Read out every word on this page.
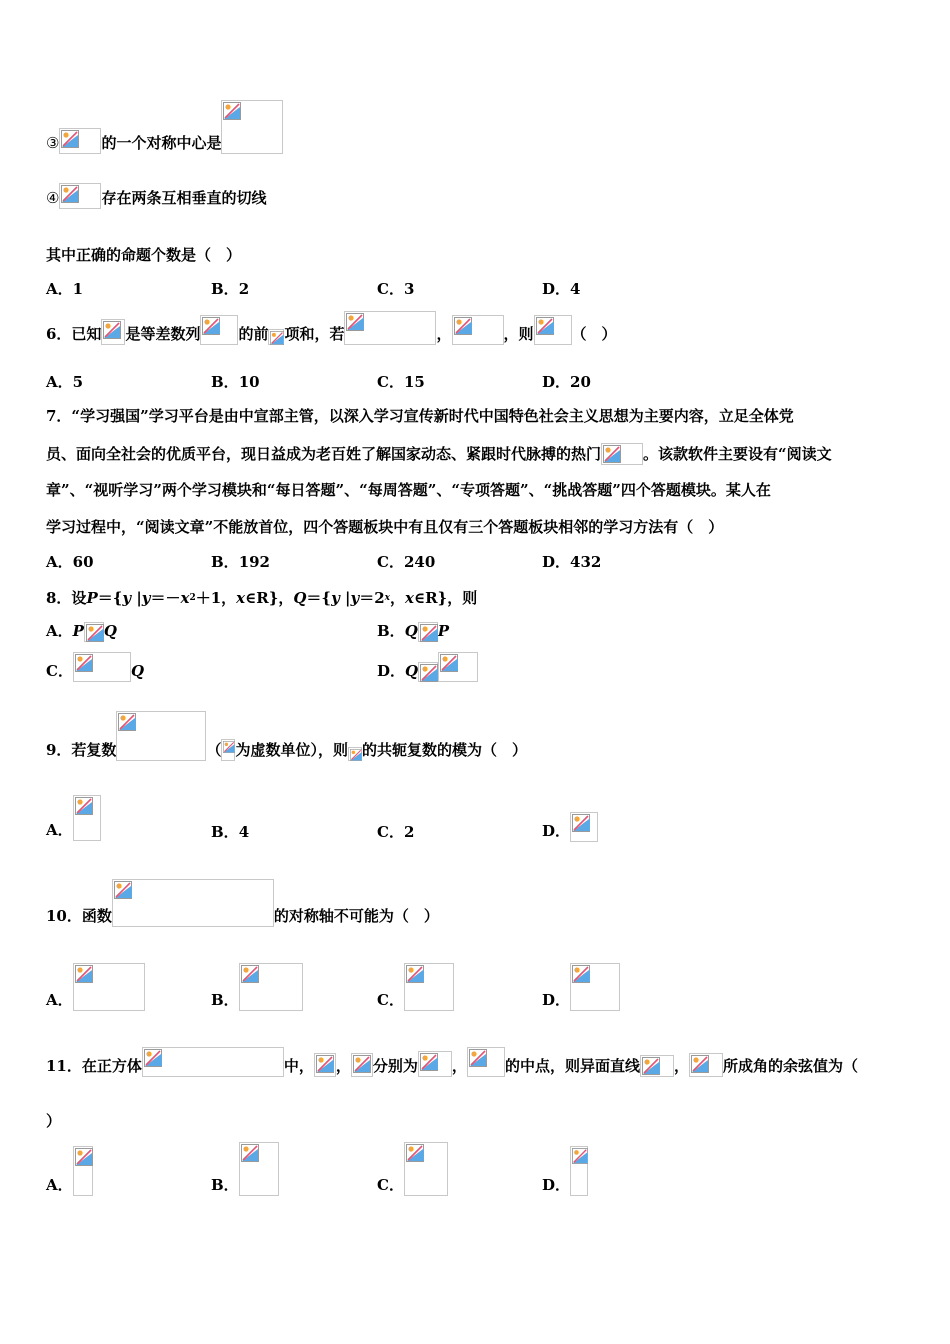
③	的一个对称中心是
④	存在两条互相垂直的切线
其中正确的命题个数是（　）
A．1	B．2	C．3	D．4
6．已知 是等差数列	的前 项和，若	，	，则	（　）
A．5	B．10	C．15	D．20
7．“学习强国”学习平台是由中宣部主管，以深入学习宣传新时代中国特色社会主义思想为主要内容，立足全体党
员、面向全社会的优质平台，现日益成为老百姓了解国家动态、紧跟时代脉搏的热门	。该款软件主要设有“阅读文
章”、“视听学习”两个学习模块和“每日答题”、“每周答题”、“专项答题”、“挑战答题”四个答题模块。某人在
学习过程中，“阅读文章”不能放首位，四个答题板块中有且仅有三个答题板块相邻的学习方法有（　）
A．60	B．192	C．240	D．432
8．设P＝{y |y＝－x2＋1，x∈R}，Q＝{y |y＝2x，x∈R}，则
A．P Q	B．Q P
C．	Q	D．Q
9．若复数	（ 为虚数单位），则 的共轭复数的模为（　）
A．	B．4	C．2	D．
10．函数	的对称轴不可能为（　）
A．	B．	C．	D．
11．在正方体	中， ， 分别为 ，	的中点，则异面直线 ， 所成角的余弦值为（
）
A．	B．	C．	D．
